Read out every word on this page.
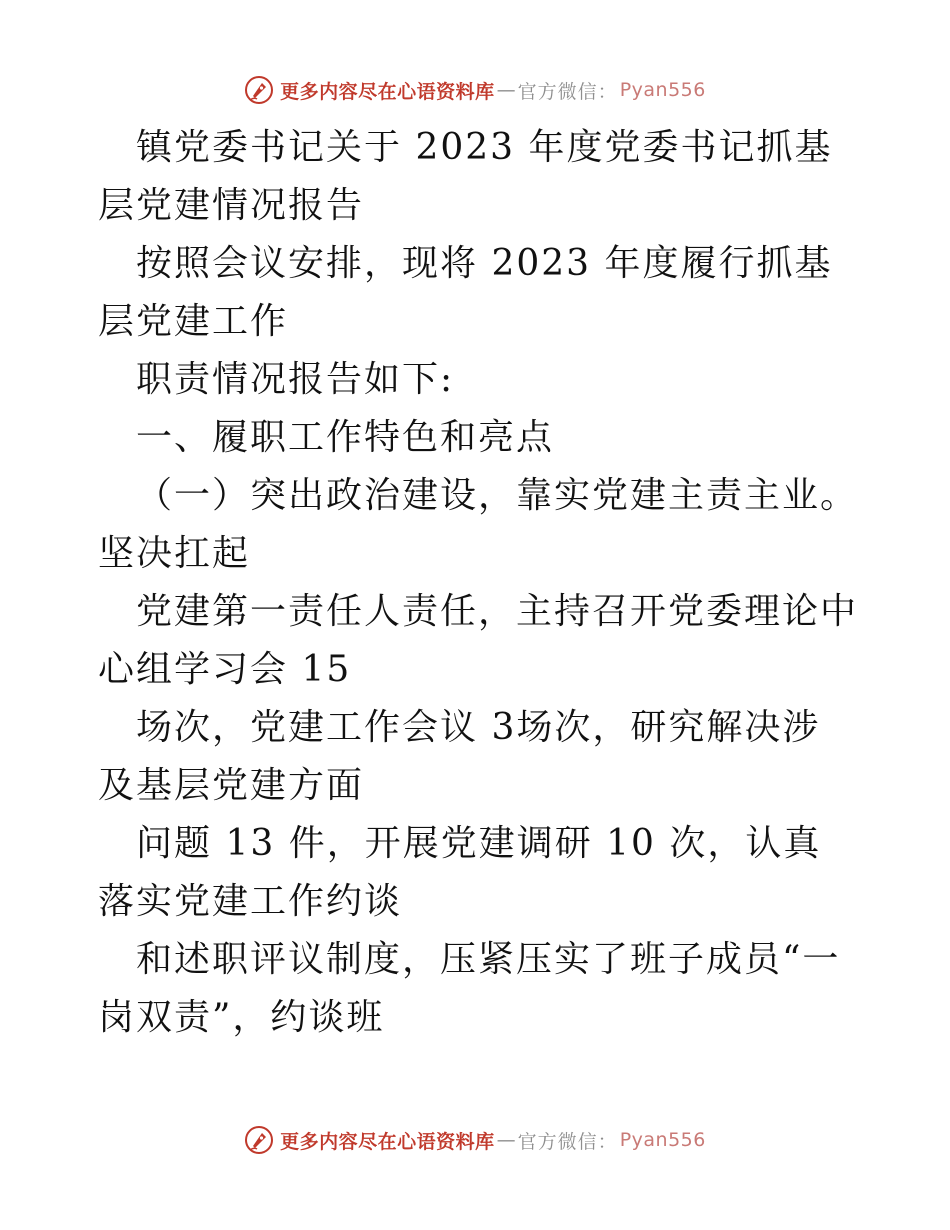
更多内容尽在心语资料库 — 官方微信： Pyan556

镇党委书记关于 2023 年度党委书记抓基层党建情况报告

按照会议安排，现将 2023 年度履行抓基层党建工作

职责情况报告如下:

一、履职工作特色和亮点

（一）突出政治建设，靠实党建主责主业。坚决扛起

党建第一责任人责任，主持召开党委理论中心组学习会 15

场次，党建工作会议 3场次，研究解决涉及基层党建方面

问题 13 件，开展党建调研 10 次，认真落实党建工作约谈

和述职评议制度，压紧压实了班子成员“一岗双责”，约谈班

更多内容尽在心语资料库 — 官方微信： Pyan556
